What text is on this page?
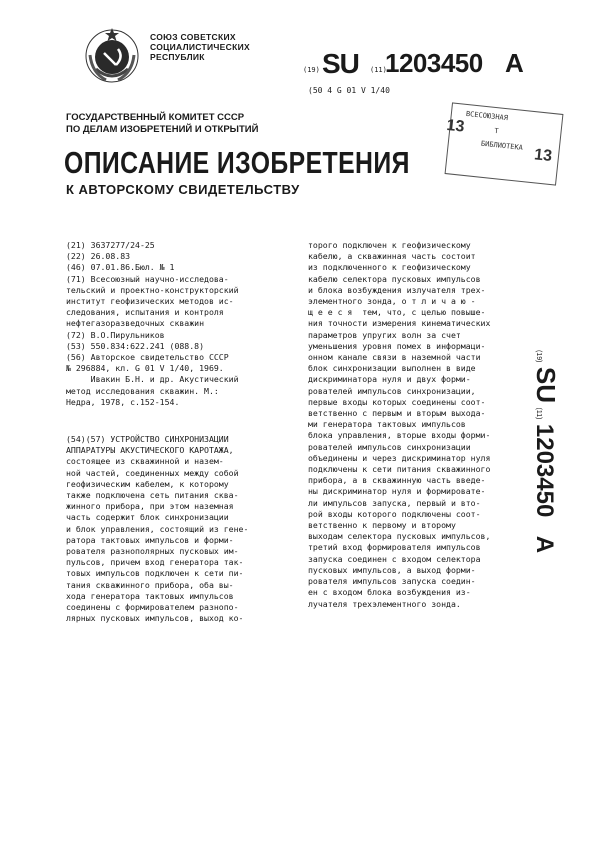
СОЮЗ СОВЕТСКИХ
СОЦИАЛИСТИЧЕСКИХ
РЕСПУБЛИК
(19) SU (11)
1203450 A
(50 4 G 01 V 1/40
ГОСУДАРСТВЕННЫЙ КОМИТЕТ СССР
ПО ДЕЛАМ ИЗОБРЕТЕНИЙ И ОТКРЫТИЙ
ВСЕСОЮЗНАЯ
Т
БИБЛИОТЕКА
13
13
ОПИСАНИЕ ИЗОБРЕТЕНИЯ
К АВТОРСКОМУ СВИДЕТЕЛЬСТВУ
(21) 3637277/24-25
(22) 26.08.83
(46) 07.01.86.Бюл. № 1
(71) Всесоюзный научно-исследова-
тельский и проектно-конструкторский
институт геофизических методов ис-
следования, испытания и контроля
нефтегазоразведочных скважин
(72) В.О.Пирульников
(53) 550.834:622.241 (088.8)
(56) Авторское свидетельство СССР
№ 296884, кл. G 01 V 1/40, 1969.
Ивакин Б.Н. и др. Акустический
метод исследования скважин. М.:
Недра, 1978, с.152-154.
(54)(57) УСТРОЙСТВО СИНХРОНИЗАЦИИ
АППАРАТУРЫ АКУСТИЧЕСКОГО КАРОТАЖА,
состоящее из скважинной и назем-
ной частей, соединенных между собой
геофизическим кабелем, к которому
также подключена сеть питания сква-
жинного прибора, при этом наземная
часть содержит блок синхронизации
и блок управления, состоящий из гене-
ратора тактовых импульсов и форми-
рователя разнополярных пусковых им-
пульсов, причем вход генератора так-
товых импульсов подключен к сети пи-
тания скважинного прибора, оба вы-
хода генератора тактовых импульсов
соединены с формирователем разнопо-
лярных пусковых импульсов, выход ко-
торого подключен к геофизическому
кабелю, а скважинная часть состоит
из подключенного к геофизическому
кабелю селектора пусковых импульсов
и блока возбуждения излучателя трех-
элементного зонда, о т л и ч а ю -
щ е е с я  тем, что, с целью повыше-
ния точности измерения кинематических
параметров упругих волн за счет
уменьшения уровня помех в информаци-
онном канале связи в наземной части
блок синхронизации выполнен в виде
дискриминатора нуля и двух форми-
рователей импульсов синхронизации,
первые входы которых соединены соот-
ветственно с первым и вторым выхода-
ми генератора тактовых импульсов
блока управления, вторые входы форми-
рователей импульсов синхронизации
объединены и через дискриминатор нуля
подключены к сети питания скважинного
прибора, а в скважинную часть введе-
ны дискриминатор нуля и формировате-
ли импульсов запуска, первый и вто-
рой входы которого подключены соот-
ветственно к первому и второму
выходам селектора пусковых импульсов,
третий вход формирователя импульсов
запуска соединен с входом селектора
пусковых импульсов, а выход форми-
рователя импульсов запуска соедин-
ен с входом блока возбуждения из-
лучателя трехэлементного зонда.
(19) SU (11) 1203450 A
